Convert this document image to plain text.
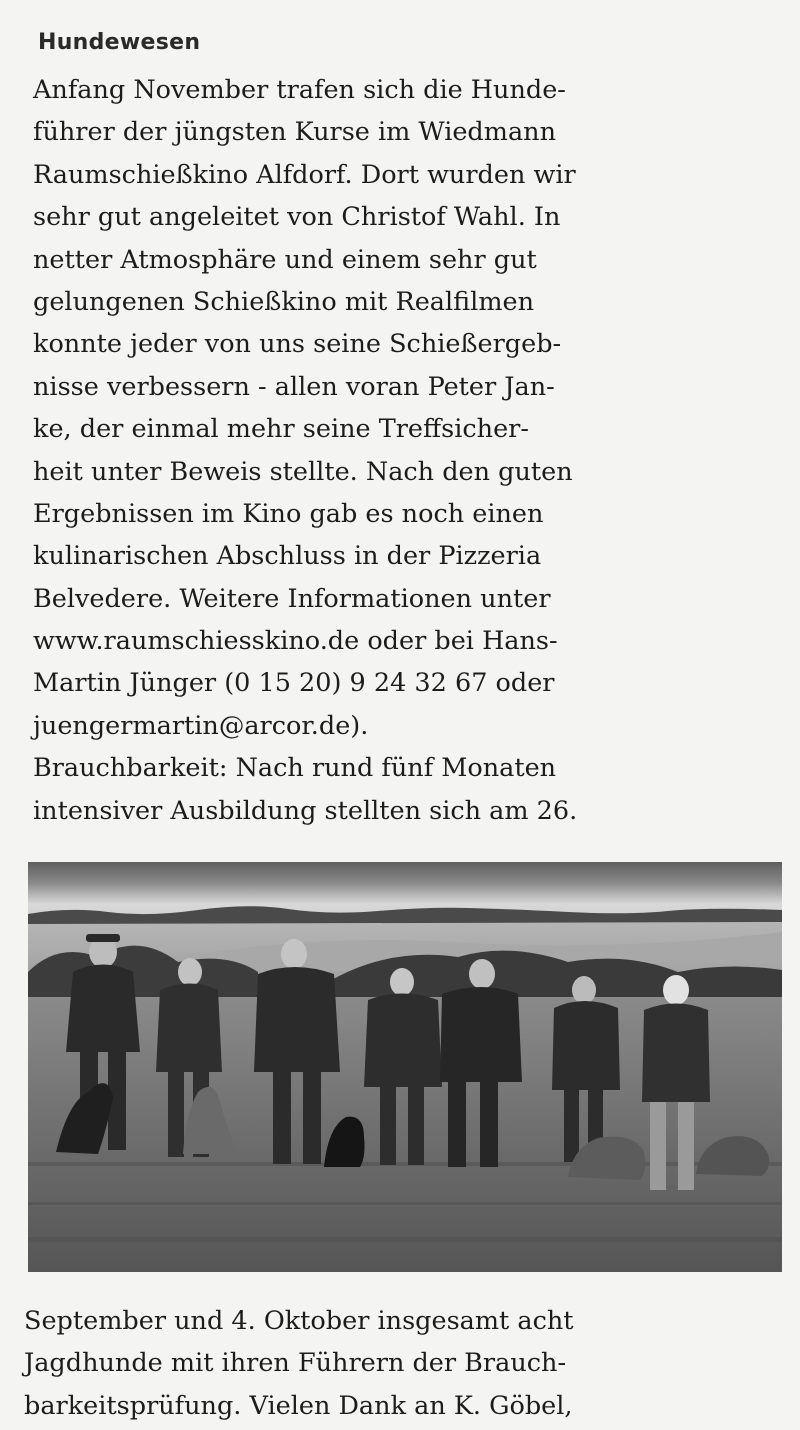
Hundewesen
Anfang November trafen sich die Hunde-
führer der jüngsten Kurse im Wiedmann
Raumschießkino Alfdorf. Dort wurden wir
sehr gut angeleitet von Christof Wahl. In
netter Atmosphäre und einem sehr gut
gelungenen Schießkino mit Realfilmen
konnte jeder von uns seine Schießergeb-
nisse verbessern - allen voran Peter Jan-
ke, der einmal mehr seine Treffsicher-
heit unter Beweis stellte. Nach den guten
Ergebnissen im Kino gab es noch einen
kulinarischen Abschluss in der Pizzeria
Belvedere. Weitere Informationen unter
www.raumschiesskino.de oder bei Hans-
Martin Jünger (0 15 20) 9 24 32 67 oder
juengermartin@arcor.de).
Brauchbarkeit: Nach rund fünf Monaten
intensiver Ausbildung stellten sich am 26.
September und 4. Oktober insgesamt acht
Jagdhunde mit ihren Führern der Brauch-
barkeitsprüfung. Vielen Dank an K. Göbel,
